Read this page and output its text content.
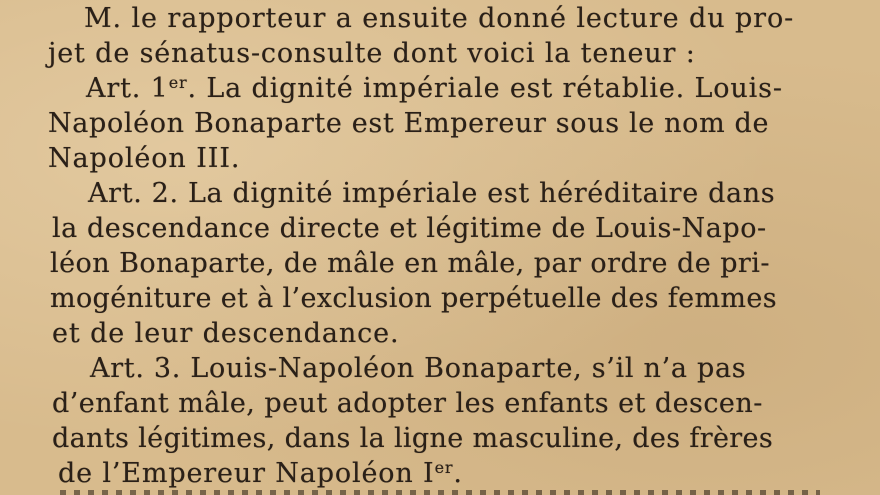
M. le rapporteur a ensuite donné lecture du pro-
jet de sénatus-consulte dont voici la teneur :
Art. 1er. La dignité impériale est rétablie. Louis-
Napoléon Bonaparte est Empereur sous le nom de
Napoléon III.
Art. 2. La dignité impériale est héréditaire dans
la descendance directe et légitime de Louis-Napo-
léon Bonaparte, de mâle en mâle, par ordre de pri-
mogéniture et à l’exclusion perpétuelle des femmes
et de leur descendance.
Art. 3. Louis-Napoléon Bonaparte, s’il n’a pas
d’enfant mâle, peut adopter les enfants et descen-
dants légitimes, dans la ligne masculine, des frères
de l’Empereur Napoléon Ier.
